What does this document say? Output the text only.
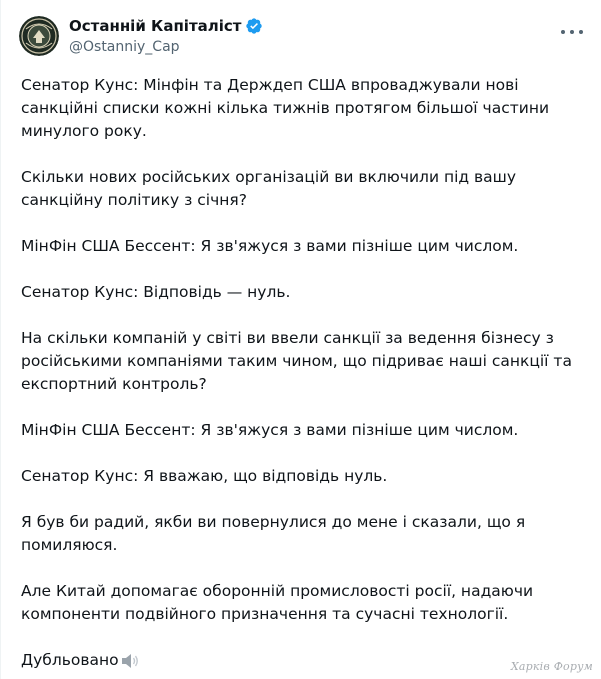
Останній Капіталіст
@Ostanniy_Cap

Сенатор Кунс: Мінфін та Держдеп США впроваджували нові санкційні списки кожні кілька тижнів протягом більшої частини минулого року.

Скільки нових російських організацій ви включили під вашу санкційну політику з січня?

МінФін США Бессент: Я зв'яжуся з вами пізніше цим числом.

Сенатор Кунс: Відповідь — нуль.

На скільки компаній у світі ви ввели санкції за ведення бізнесу з російськими компаніями таким чином, що підриває наші санкції та експортний контроль?

МінФін США Бессент: Я зв'яжуся з вами пізніше цим числом.

Сенатор Кунс: Я вважаю, що відповідь нуль.

Я був би радий, якби ви повернулися до мене і сказали, що я помиляюся.

Але Китай допомагає оборонній промисловості росії, надаючи компоненти подвійного призначення та сучасні технології.

Дубльовано	Харків Форум
